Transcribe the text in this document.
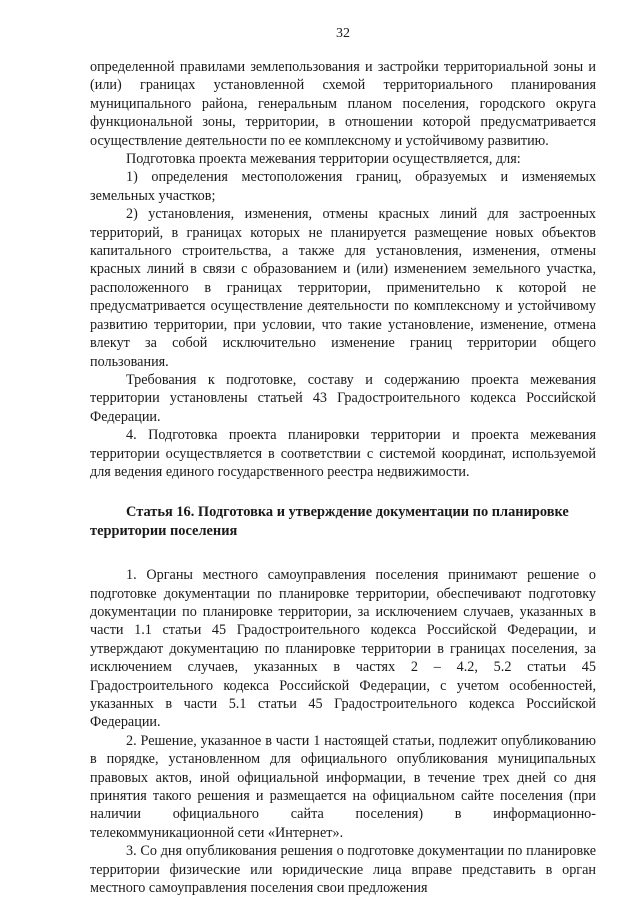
32

определенной правилами землепользования и застройки территориальной зоны и (или) границах установленной схемой территориального планирования муниципального района, генеральным планом поселения, городского округа функциональной зоны, территории, в отношении которой предусматривается осуществление деятельности по ее комплексному и устойчивому развитию.

Подготовка проекта межевания территории осуществляется, для:

1) определения местоположения границ, образуемых и изменяемых земельных участков;

2) установления, изменения, отмены красных линий для застроенных территорий, в границах которых не планируется размещение новых объектов капитального строительства, а также для установления, изменения, отмены красных линий в связи с образованием и (или) изменением земельного участка, расположенного в границах территории, применительно к которой не предусматривается осуществление деятельности по комплексному и устойчивому развитию территории, при условии, что такие установление, изменение, отмена влекут за собой исключительно изменение границ территории общего пользования.

Требования к подготовке, составу и содержанию проекта межевания территории установлены статьей 43 Градостроительного кодекса Российской Федерации.

4. Подготовка проекта планировки территории и проекта межевания территории осуществляется в соответствии с системой координат, используемой для ведения единого государственного реестра недвижимости.

Статья 16. Подготовка и утверждение документации по планировке территории поселения

1. Органы местного самоуправления поселения принимают решение о подготовке документации по планировке территории, обеспечивают подготовку документации по планировке территории, за исключением случаев, указанных в части 1.1 статьи 45 Градостроительного кодекса Российской Федерации, и утверждают документацию по планировке территории в границах поселения, за исключением случаев, указанных в частях 2 – 4.2, 5.2 статьи 45 Градостроительного кодекса Российской Федерации, с учетом особенностей, указанных в части 5.1 статьи 45 Градостроительного кодекса Российской Федерации.

2. Решение, указанное в части 1 настоящей статьи, подлежит опубликованию в порядке, установленном для официального опубликования муниципальных правовых актов, иной официальной информации, в течение трех дней со дня принятия такого решения и размещается на официальном сайте поселения (при наличии официального сайта поселения) в информационно-телекоммуникационной сети «Интернет».

3. Со дня опубликования решения о подготовке документации по планировке территории физические или юридические лица вправе представить в орган местного самоуправления поселения свои предложения
